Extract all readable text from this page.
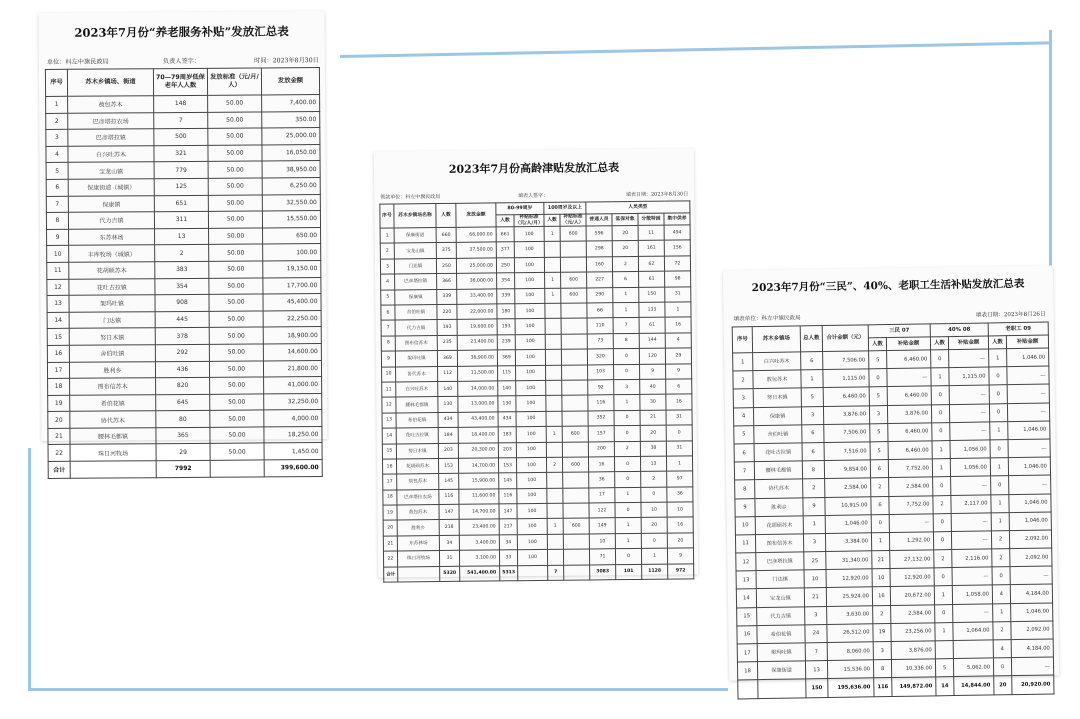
2023年7月份“养老服务补贴”发放汇总表
单位：科左中旗民政局	负责人签字：	时间：2023年8月30日
序号	苏木乡镇场、街道	70—79周岁低保老年人人数	发放标准（元/月/人）	发放金额
1	敖包苏木	148	50.00	7,400.00
2	巴彦塔拉农场	7	50.00	350.00
3	巴彦塔拉镇	500	50.00	25,000.00
4	白兴吐苏木	321	50.00	16,050.00
5	宝龙山镇	779	50.00	38,950.00
6	保康街道（城镇）	125	50.00	6,250.00
7	保康镇	651	50.00	32,550.00
8	代力吉镇	311	50.00	15,550.00
9	东苏林场	13	50.00	650.00
10	丰库牧场（城镇）	2	50.00	100.00
11	花胡硕苏木	383	50.00	19,150.00
12	花吐古拉镇	354	50.00	17,700.00
13	架玛吐镇	908	50.00	45,400.00
14	门达镇	445	50.00	22,250.00
15	努日木镇	378	50.00	18,900.00
16	舍伯吐镇	292	50.00	14,600.00
17	胜利乡	436	50.00	21,800.00
18	图布信苏木	820	50.00	41,000.00
19	希伯花镇	645	50.00	32,250.00
20	协代苏木	80	50.00	4,000.00
21	腰林毛都镇	365	50.00	18,250.00
22	珠日河牧场	29	50.00	1,450.00
合计		7992		399,600.00
2023年7月份高龄津贴发放汇总表
领款单位：科左中旗民政局	填表人签字：	填表日期：2023年8月30日
序号	苏木乡镇场名称	人数	发放金额	80-99周岁		100周岁及以上		人员类型			
				人数	补贴标准（元/人/月）	人数	补贴标准（元/人）	普通人员	低保对象	分散特困	集中供养

1	保康街道	660	66,000.00	661	100	1	600	596	20	11	494
2	宝龙山镇	375	37,500.00	377	100			298	20	161	156
3	门达镇	250	25,000.00	250	100			160	2	62	72
4	巴彦塔拉镇	366	36,000.00	354	100	1	600	227	6	61	98
5	保康镇	339	33,400.00	339	100	1	600	290	1	150	31
6	舍伯吐镇	220	22,000.00	180	100			66	1	133	1
7	代力吉镇	193	19,600.00	193	100			110	7	61	16
8	图布信苏木	235	23,400.00	239	100			73	8	144	4
9	架玛吐镇	369	36,900.00	369	100			320	0	120	29
10	协代苏木	112	11,500.00	115	100			103	0	9	9
11	白兴吐苏木	140	14,000.00	140	100			92	3	40	6
12	腰林毛都镇	130	13,000.00	130	100			116	1	30	16
13	希伯花镇	434	43,400.00	434	100			352	0	21	31
14	花吐古拉镇	184	18,400.00	183	100	1	600	157	0	20	0
15	努日木镇	203	20,300.00	203	100			200	2	38	31
16	花胡硕苏木	153	14,700.00	153	100	2	600	16	0	13	1
17	敖包苏木	145	15,900.00	145	100			36	0	2	97
18	巴彦塔拉农场	116	11,600.00	116	100			17	1	0	36
19	敖包苏木	147	14,700.00	147	100			122	0	10	10
20	胜利乡	218	23,400.00	217	100	1	600	149	1	20	16
21	东苏林场	34	3,400.00	34	100			10	1	0	20
22	珠日河牧场	31	3,100.00	33	100			71	0	1	9
合计		5320	541,400.00	5313		7		3083	101	1128	972
2023年7月份“三民”、40%、老职工生活补贴发放汇总表
填表单位：科左中旗民政局
填表日期：2023年8月26日
序号	苏木乡镇场	总人数	合计金额（元）	三民 07		40% 08		老职工 09	
				人数	补贴金额	人数	补贴金额	人数	补贴金额
1	白兴吐苏木	6	7,506.00	5	6,460.00	0	—	1	1,046.00
2	敖包苏木	1	1,115.00	0	—	1	1,115.00	0	—
3	努日木镇	5	6,460.00	5	6,460.00	0	—	0	—
4	保康镇	3	3,876.00	3	3,876.00	0	—	0	—
5	舍伯吐镇	6	7,506.00	5	6,460.00	0	—	1	1,046.00
6	花吐古拉镇	6	7,516.00	5	6,460.00	1	1,056.00	0	—
7	腰林毛都镇	8	9,854.00	6	7,752.00	1	1,056.00	1	1,046.00
8	协代苏木	2	2,584.00	2	2,584.00	0	—	0	—
9	胜利乡	9	10,915.00	6	7,752.00	2	2,117.00	1	1,046.00
10	花胡硕苏木	1	1,046.00	0	—	0	—	1	1,046.00
11	图布信苏木	3	3,384.00	1	1,292.00	0	—	2	2,092.00
12	巴彦塔拉镇	25	31,340.00	21	27,132.00	2	2,116.00	2	2,092.00
13	门达镇	10	12,920.00	10	12,920.00	0	—	0	—
14	宝龙山镇	21	25,924.00	16	20,672.00	1	1,058.00	4	4,184.00
15	代力吉镇	3	3,630.00	2	2,584.00	0	—	1	1,046.00
16	希伯花镇	24	26,512.00	19	23,256.00	1	1,064.00	2	2,092.00
17	架玛吐镇	7	8,060.00	3	3,876.00			4	4,184.00
18	保康街道	13	15,536.00	8	10,336.00	5	5,062.00	0	—
		150	195,636.00	116	149,872.00	14	14,844.00	20	20,920.00
